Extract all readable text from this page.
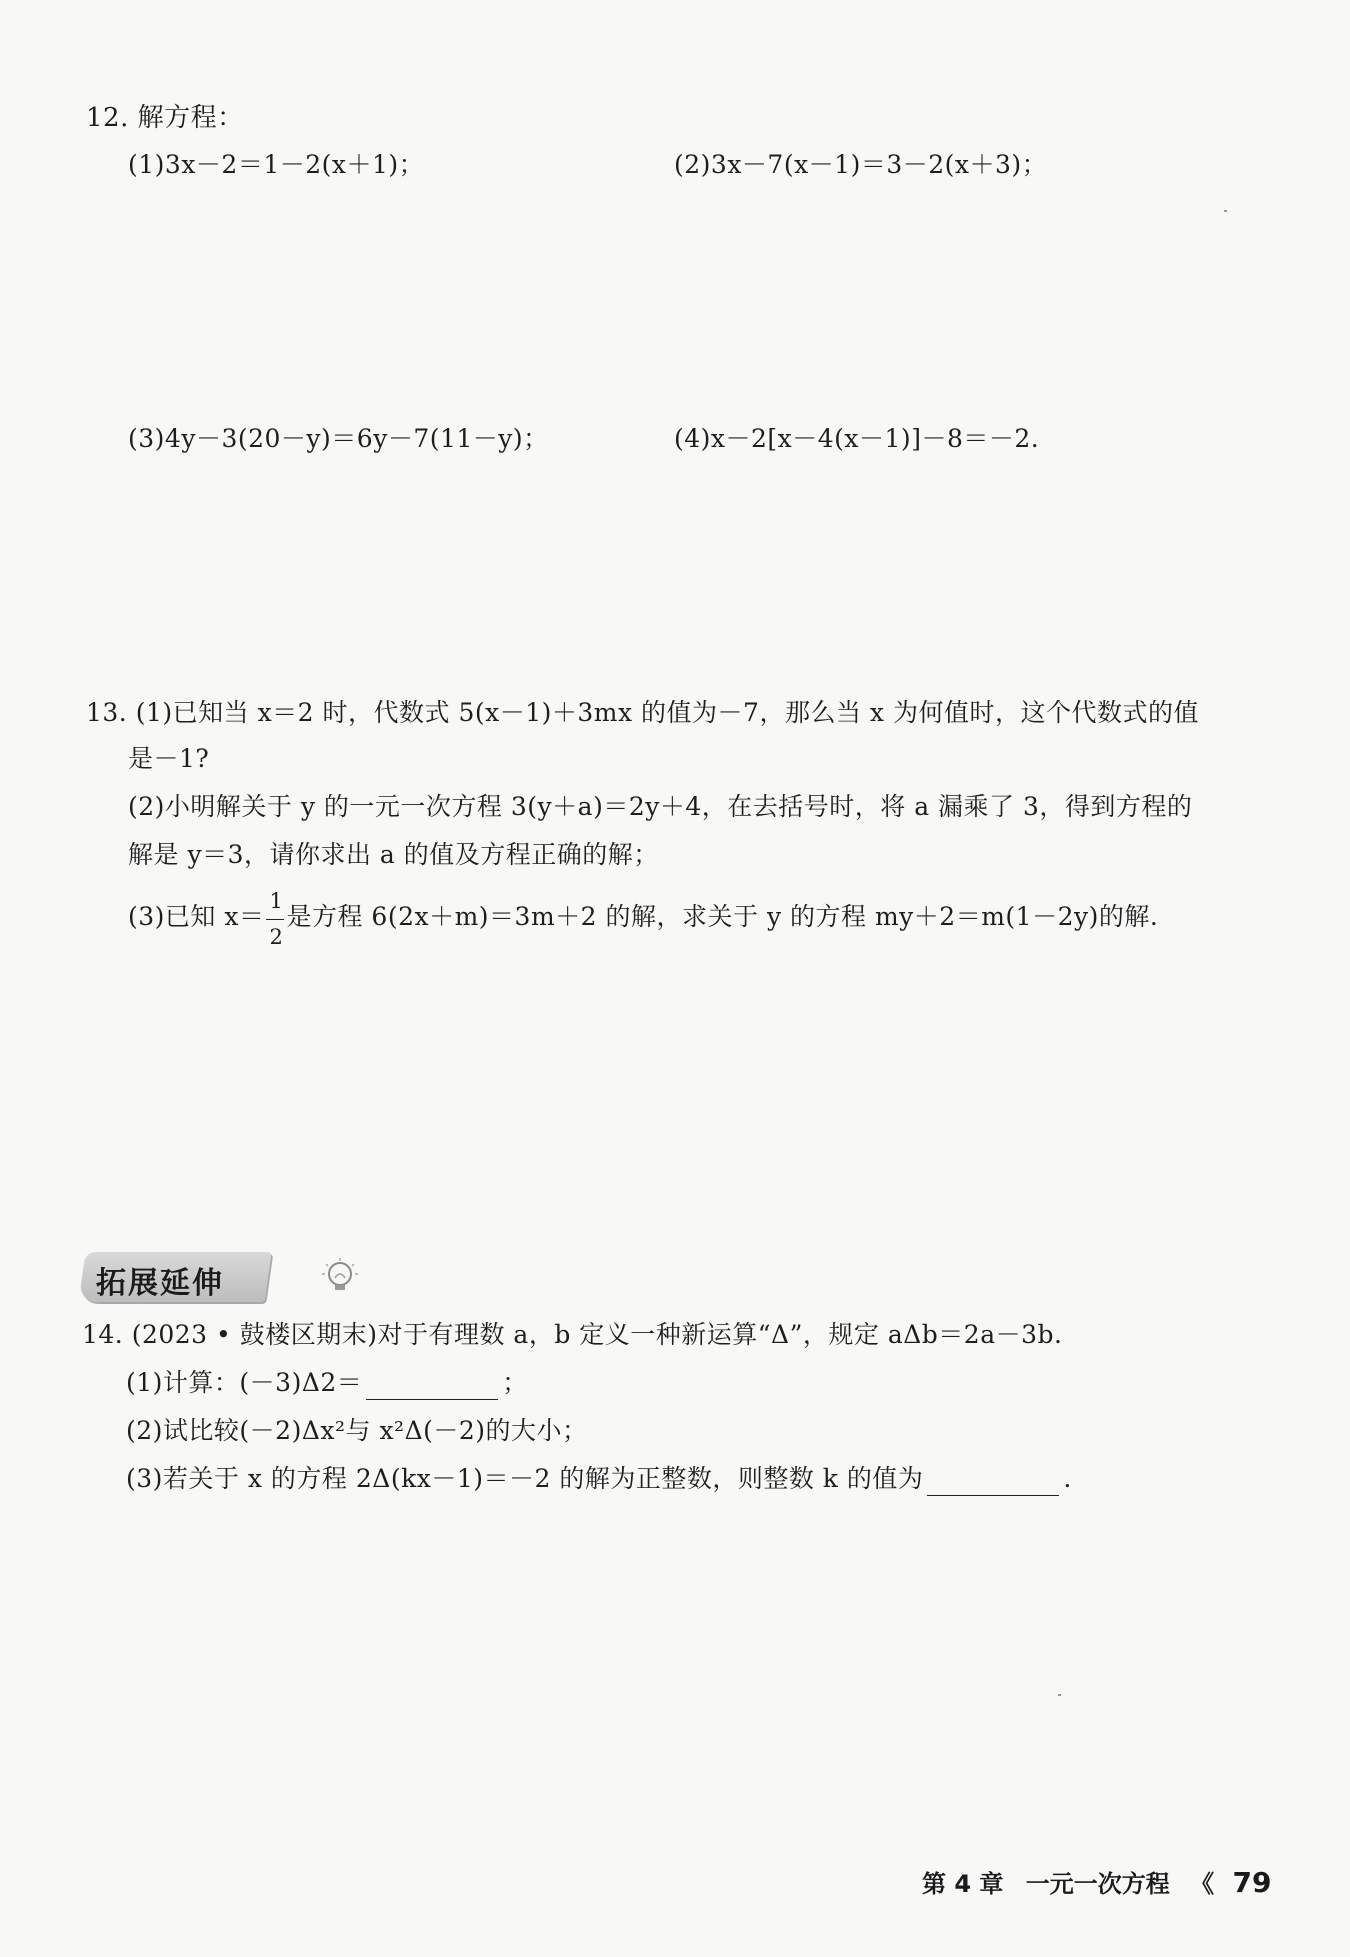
12. 解方程：
(1)3x－2＝1－2(x＋1)；	(2)3x－7(x－1)＝3－2(x＋3)；
(3)4y－3(20－y)＝6y－7(11－y)；	(4)x－2[x－4(x－1)]－8＝－2.
13. (1)已知当 x＝2 时，代数式 5(x－1)＋3mx 的值为－7，那么当 x 为何值时，这个代数式的值
是－1?
(2)小明解关于 y 的一元一次方程 3(y＋a)＝2y＋4，在去括号时，将 a 漏乘了 3，得到方程的
解是 y＝3，请你求出 a 的值及方程正确的解；
(3)已知 $x= \frac{1}{2}$ 是方程 6(2x＋m)＝3m＋2 的解，求关于 y 的方程 my＋2＝m(1－2y)的解.
拓展延伸
14. (2023 • 鼓楼区期末)对于有理数 a，b 定义一种新运算“Δ”，规定 aΔb＝2a－3b.
(1)计算：(－3)Δ2＝	；
(2)试比较(－2)Δx²与 x²Δ(－2)的大小；
(3)若关于 x 的方程 2Δ(kx－1)＝－2 的解为正整数，则整数 k 的值为	.
第 4 章 一元一次方程 《 79
